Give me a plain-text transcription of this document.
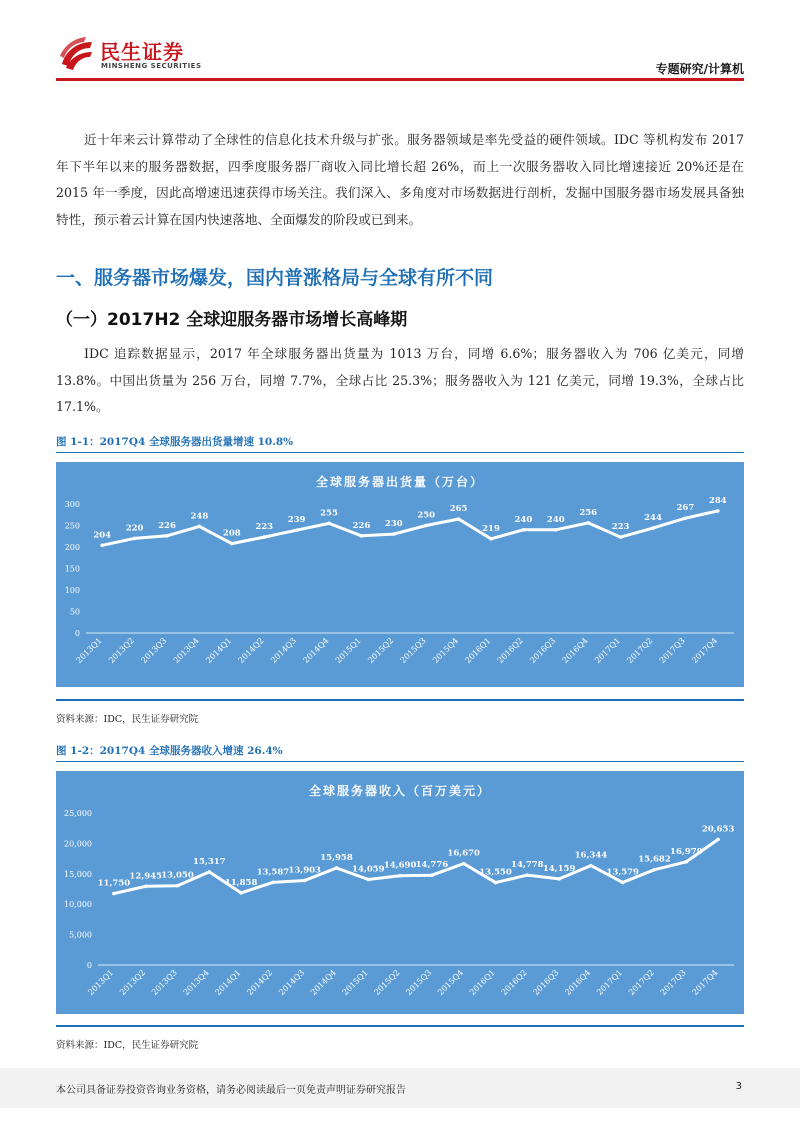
民生证券
MINSHENG SECURITIES	专题研究/计算机

近十年来云计算带动了全球性的信息化技术升级与扩张。服务器领域是率先受益的硬件领域。IDC 等机构发布 2017 年下半年以来的服务器数据，四季度服务器厂商收入同比增长超 26%，而上一次服务器收入同比增速接近 20%还是在 2015 年一季度，因此高增速迅速获得市场关注。我们深入、多角度对市场数据进行剖析，发掘中国服务器市场发展具备独特性，预示着云计算在国内快速落地、全面爆发的阶段或已到来。

一、服务器市场爆发，国内普涨格局与全球有所不同
（一）2017H2 全球迎服务器市场增长高峰期

IDC 追踪数据显示，2017 年全球服务器出货量为 1013 万台，同增 6.6%；服务器收入为 706 亿美元，同增 13.8%。中国出货量为 256 万台，同增 7.7%，全球占比 25.3%；服务器收入为 121 亿美元，同增 19.3%，全球占比 17.1%。

图 1-1：2017Q4 全球服务器出货量增速 10.8%
全球服务器出货量（万台）
0
50
100
150
200
250
300
2013Q1 2013Q2 2013Q3 2013Q4 2014Q1 2014Q2 2014Q3 2014Q4 2015Q1 2015Q2 2015Q3 2015Q4 2016Q1 2016Q2 2016Q3 2016Q4 2017Q1 2017Q2 2017Q3 2017Q4
204
220 226
248
208
223
239
255
226 230
250
265
219
240 240
256
223
244
267
284
资料来源：IDC，民生证券研究院
图 1-2：2017Q4 全球服务器收入增速 26.4%
全球服务器收入（百万美元）
0
5,000
10,000
15,000
20,000
25,000
2013Q1 2013Q2 2013Q3 2013Q4 2014Q1 2014Q2 2014Q3 2014Q4 2015Q1 2015Q2 2015Q3 2015Q4 2016Q1 2016Q2 2016Q3 2016Q4 2017Q1 2017Q2 2017Q3 2017Q4
11,750
12,945 13,050
15,317
11,858
13,587 13,903
15,958
14,059 14,690 14,776
16,670
13,550
14,778 14,159
16,344
13,579
15,682
16,979
20,653
资料来源：IDC，民生证券研究院
本公司具备证券投资咨询业务资格，请务必阅读最后一页免责声明证券研究报告	3
